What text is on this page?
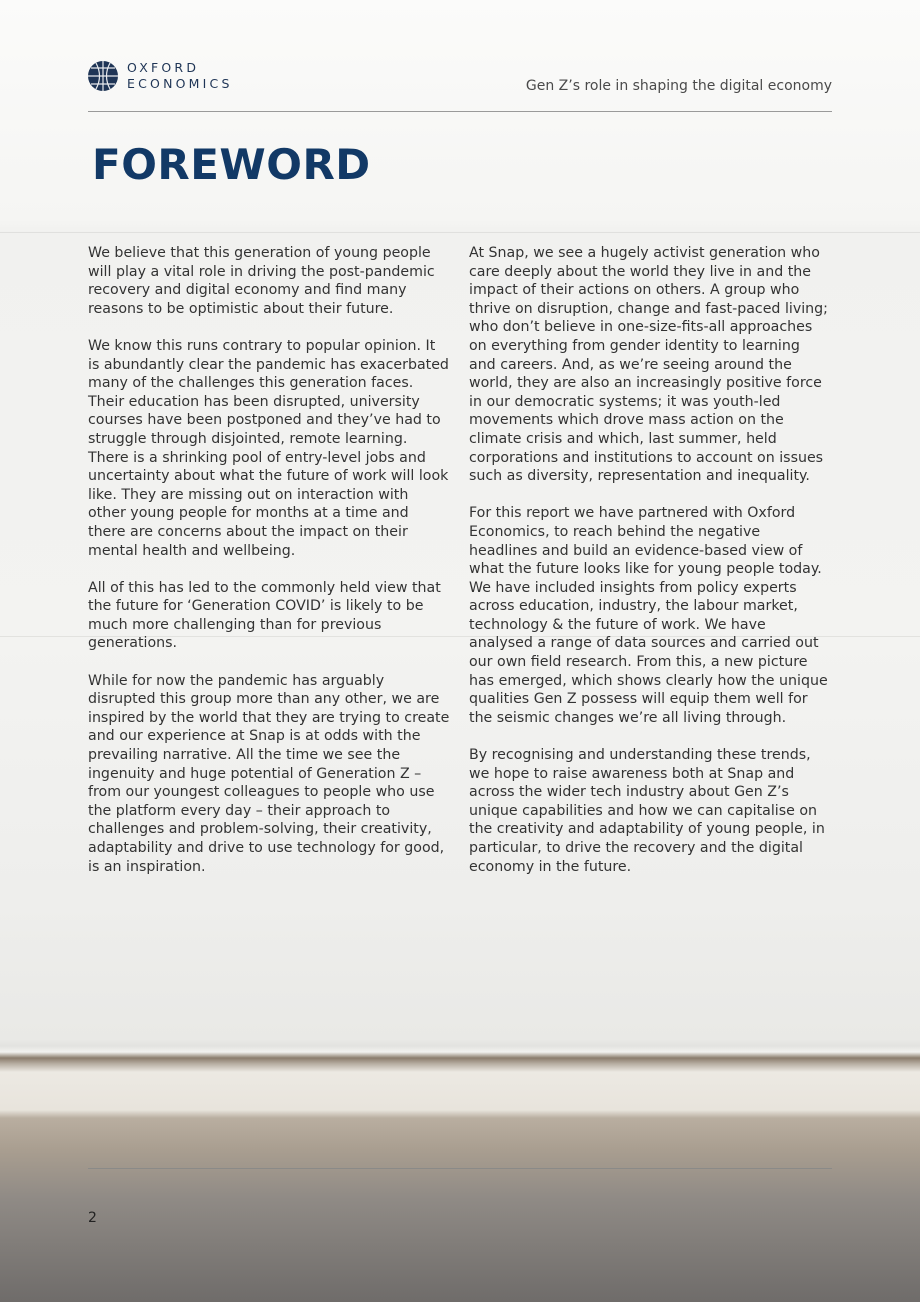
OXFORD
ECONOMICS	Gen Z’s role in shaping the digital economy
FOREWORD

We believe that this generation of young people will play a vital role in driving the post-pandemic recovery and digital economy and find many reasons to be optimistic about their future.

We know this runs contrary to popular opinion. It is abundantly clear the pandemic has exacerbated many of the challenges this generation faces. Their education has been disrupted, university courses have been postponed and they’ve had to struggle through disjointed, remote learning. There is a shrinking pool of entry-level jobs and uncertainty about what the future of work will look like. They are missing out on interaction with other young people for months at a time and there are concerns about the impact on their mental health and wellbeing.

All of this has led to the commonly held view that the future for ‘Generation COVID’ is likely to be much more challenging than for previous generations.

While for now the pandemic has arguably disrupted this group more than any other, we are inspired by the world that they are trying to create and our experience at Snap is at odds with the prevailing narrative. All the time we see the ingenuity and huge potential of Generation Z – from our youngest colleagues to people who use the platform every day – their approach to challenges and problem-solving, their creativity, adaptability and drive to use technology for good, is an inspiration.

At Snap, we see a hugely activist generation who care deeply about the world they live in and the impact of their actions on others. A group who thrive on disruption, change and fast-paced living; who don’t believe in one-size-fits-all approaches on everything from gender identity to learning and careers. And, as we’re seeing around the world, they are also an increasingly positive force in our democratic systems; it was youth-led movements which drove mass action on the climate crisis and which, last summer, held corporations and institutions to account on issues such as diversity, representation and inequality.

For this report we have partnered with Oxford Economics, to reach behind the negative headlines and build an evidence-based view of what the future looks like for young people today. We have included insights from policy experts across education, industry, the labour market, technology & the future of work. We have analysed a range of data sources and carried out our own field research. From this, a new picture has emerged, which shows clearly how the unique qualities Gen Z possess will equip them well for the seismic changes we’re all living through.

By recognising and understanding these trends, we hope to raise awareness both at Snap and across the wider tech industry about Gen Z’s unique capabilities and how we can capitalise on the creativity and adaptability of young people, in particular, to drive the recovery and the digital economy in the future.

2
